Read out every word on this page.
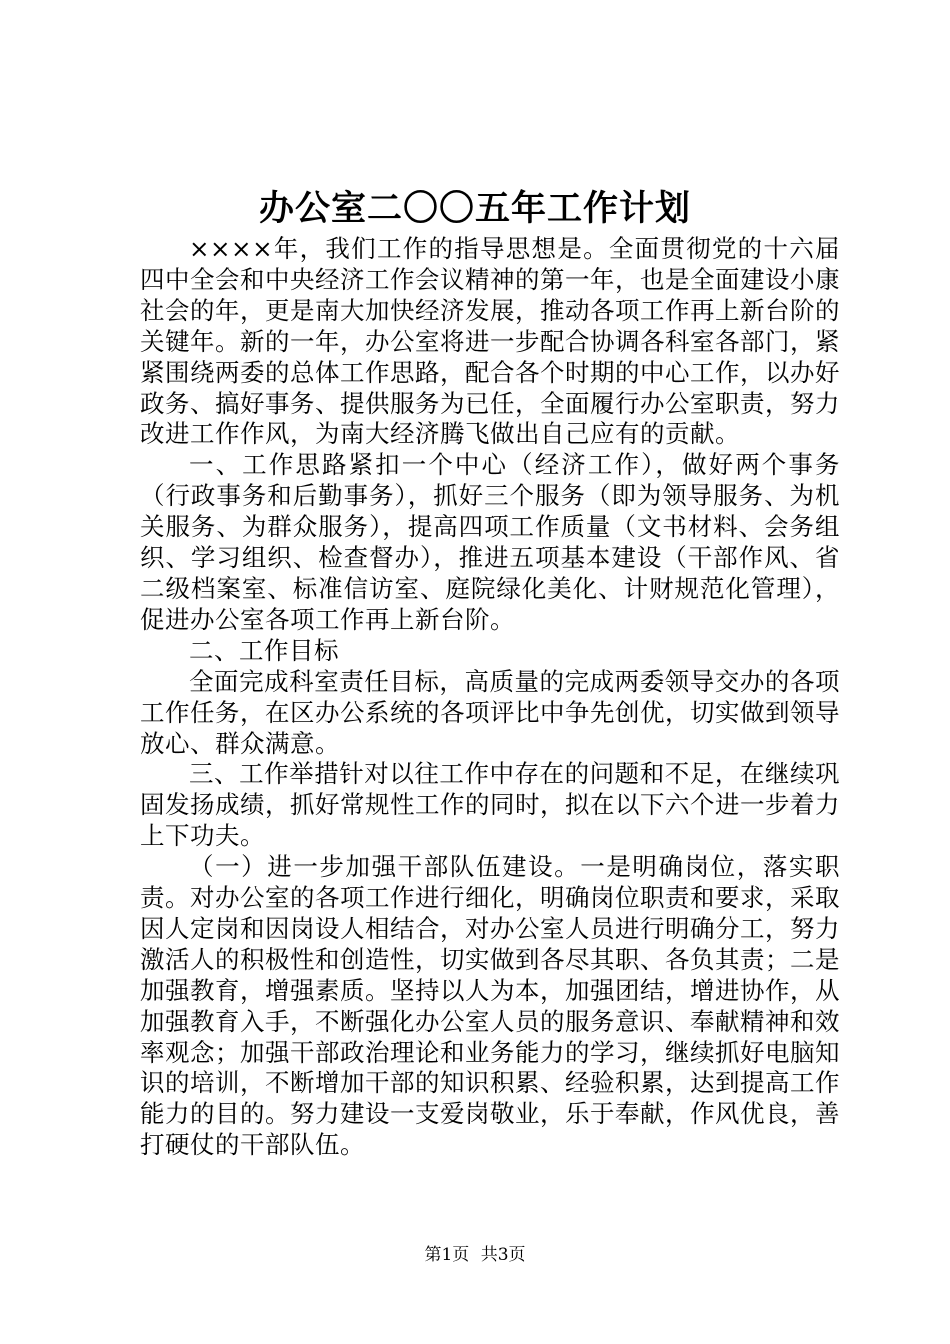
办公室二〇〇五年工作计划

××××年，我们工作的指导思想是。全面贯彻党的十六届四中全会和中央经济工作会议精神的第一年，也是全面建设小康社会的年，更是南大加快经济发展，推动各项工作再上新台阶的关键年。新的一年，办公室将进一步配合协调各科室各部门，紧紧围绕两委的总体工作思路，配合各个时期的中心工作，以办好政务、搞好事务、提供服务为已任，全面履行办公室职责，努力改进工作作风，为南大经济腾飞做出自己应有的贡献。

一、工作思路紧扣一个中心（经济工作），做好两个事务（行政事务和后勤事务），抓好三个服务（即为领导服务、为机关服务、为群众服务），提高四项工作质量（文书材料、会务组织、学习组织、检查督办），推进五项基本建设（干部作风、省二级档案室、标准信访室、庭院绿化美化、计财规范化管理），促进办公室各项工作再上新台阶。

二、工作目标

全面完成科室责任目标，高质量的完成两委领导交办的各项工作任务，在区办公系统的各项评比中争先创优，切实做到领导放心、群众满意。

三、工作举措针对以往工作中存在的问题和不足，在继续巩固发扬成绩，抓好常规性工作的同时，拟在以下六个进一步着力上下功夫。

（一）进一步加强干部队伍建设。一是明确岗位，落实职责。对办公室的各项工作进行细化，明确岗位职责和要求，采取因人定岗和因岗设人相结合，对办公室人员进行明确分工，努力激活人的积极性和创造性，切实做到各尽其职、各负其责；二是加强教育，增强素质。坚持以人为本，加强团结，增进协作，从加强教育入手，不断强化办公室人员的服务意识、奉献精神和效率观念；加强干部政治理论和业务能力的学习，继续抓好电脑知识的培训，不断增加干部的知识积累、经验积累，达到提高工作能力的目的。努力建设一支爱岗敬业，乐于奉献，作风优良，善打硬仗的干部队伍。

第1页 共3页
